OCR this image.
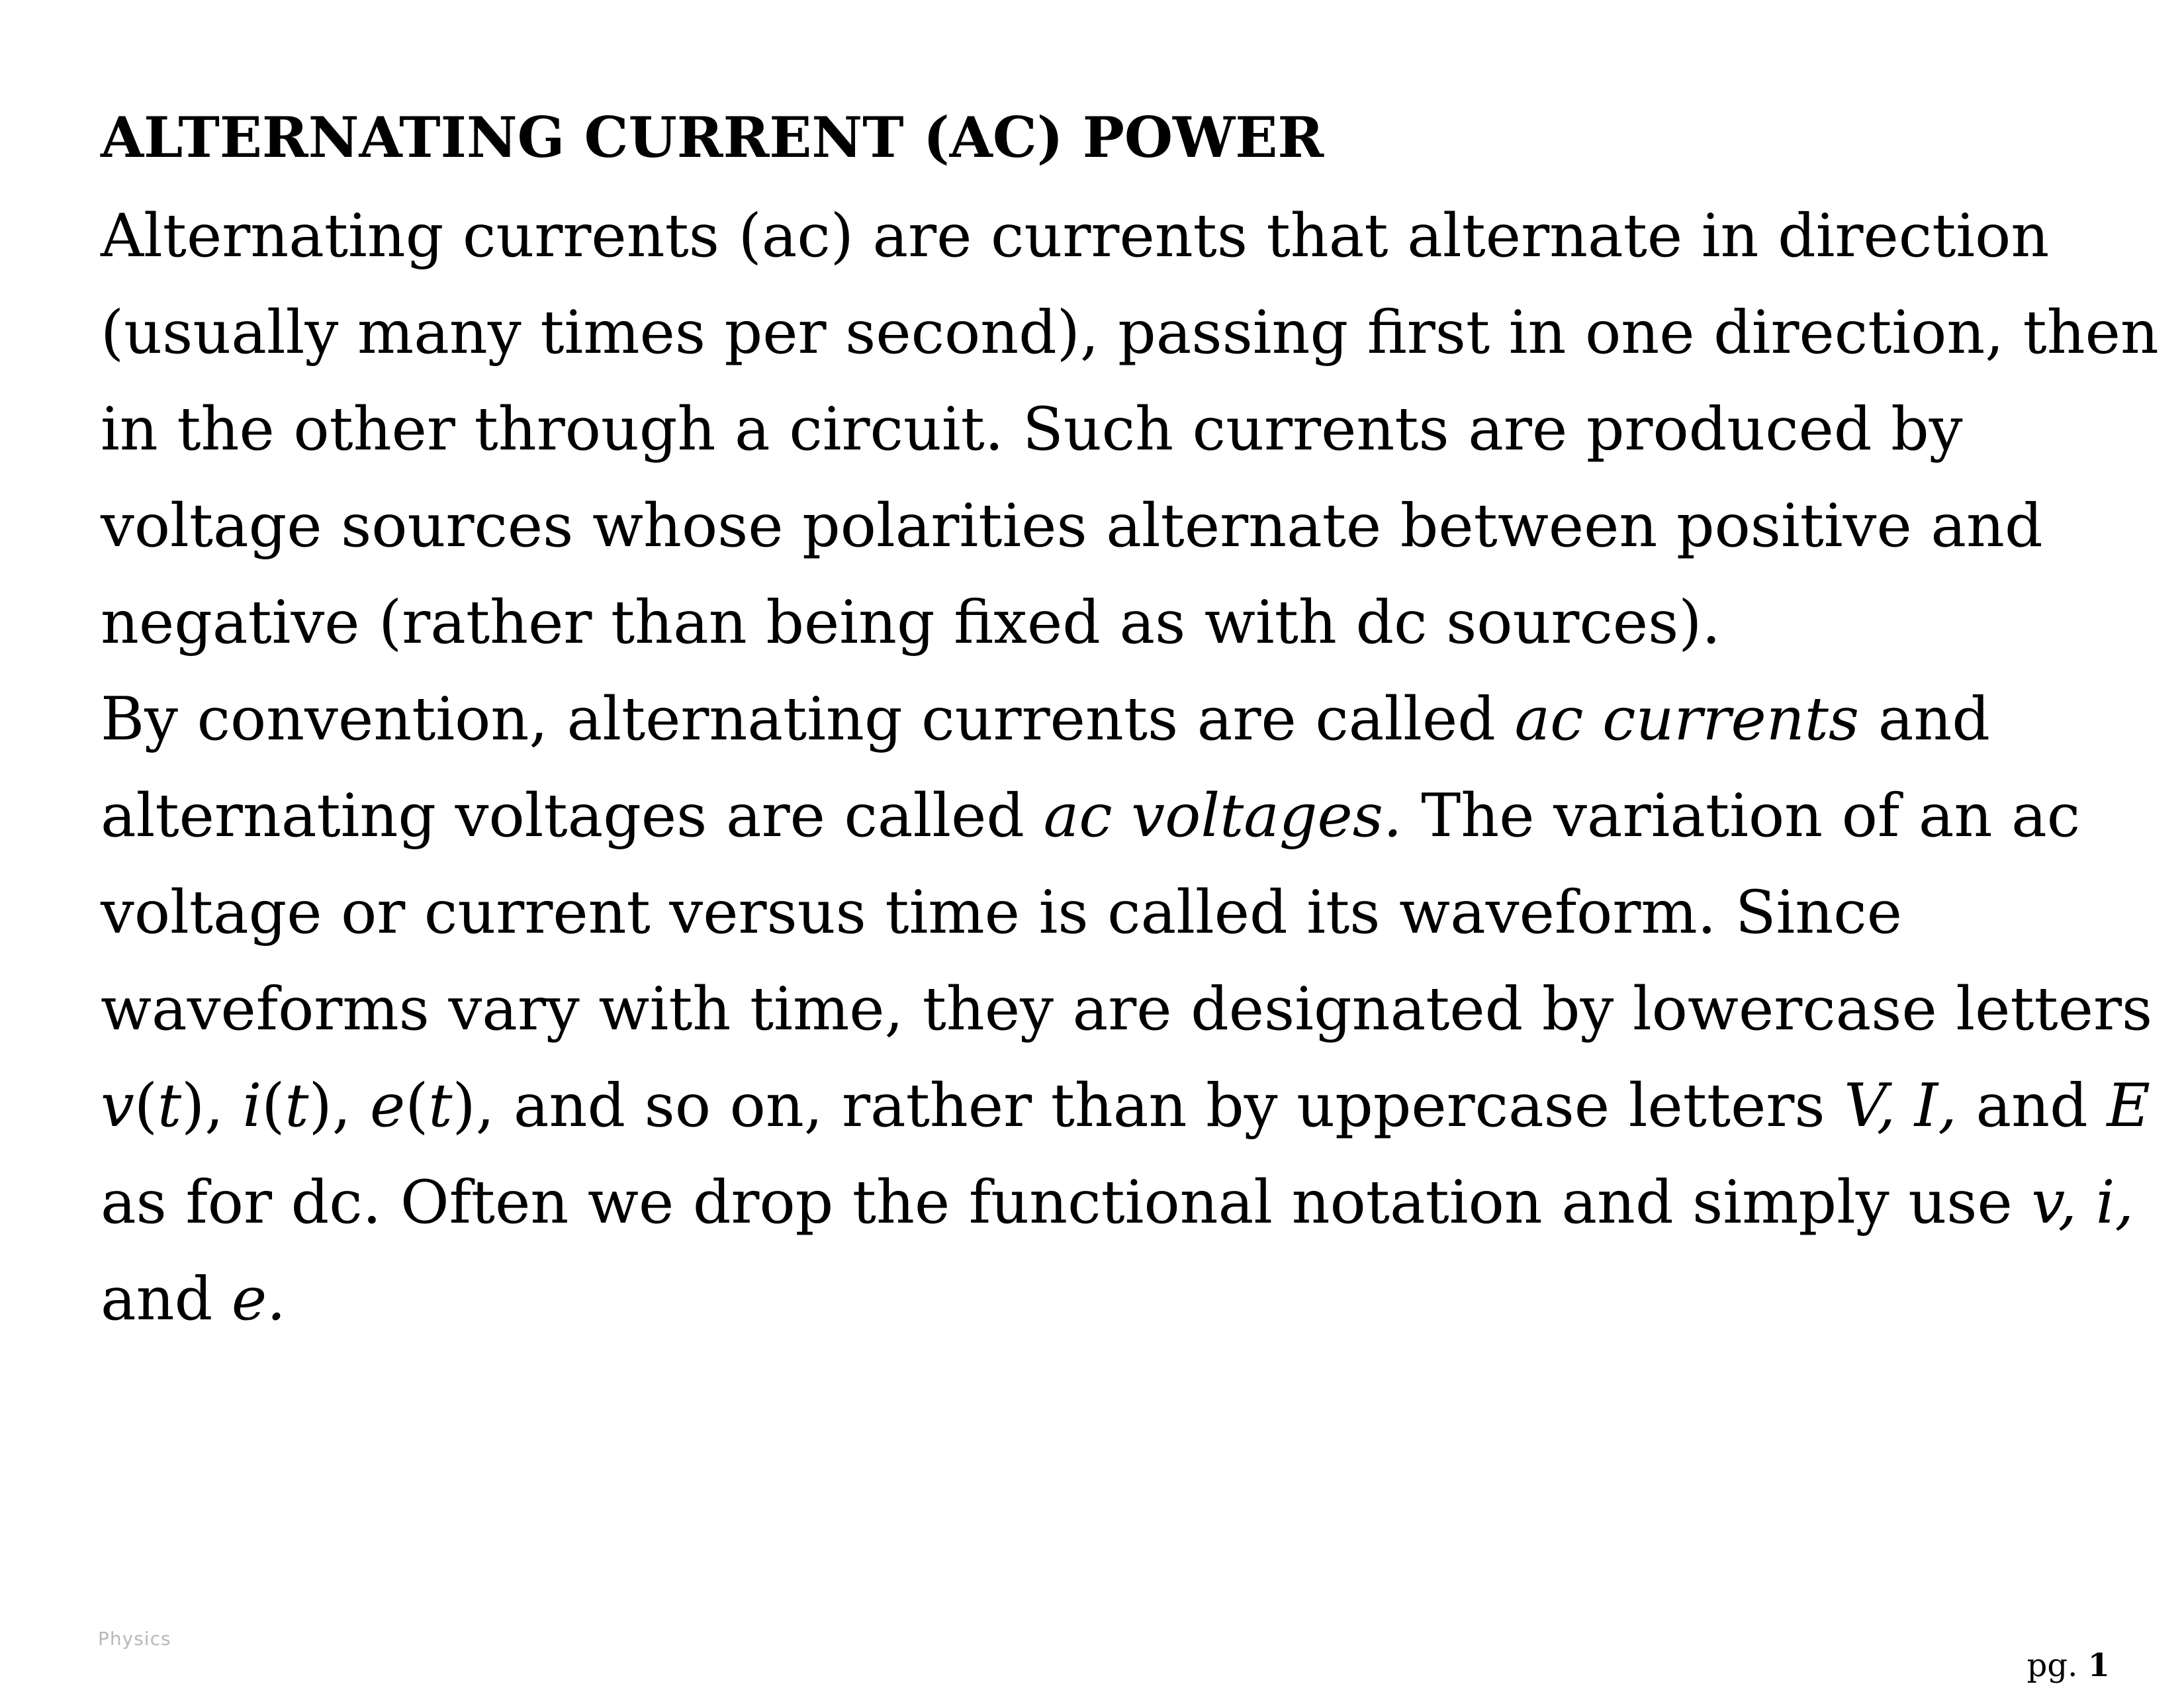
ALTERNATING CURRENT (AC) POWER

Alternating currents (ac) are currents that alternate in direction
(usually many times per second), passing first in one direction, then
in the other through a circuit. Such currents are produced by
voltage sources whose polarities alternate between positive and
negative (rather than being fixed as with dc sources).

By convention, alternating currents are called ac currents and
alternating voltages are called ac voltages. The variation of an ac
voltage or current versus time is called its waveform. Since
waveforms vary with time, they are designated by lowercase letters
v(t), i(t), e(t), and so on, rather than by uppercase letters V, I, and E
as for dc. Often we drop the functional notation and simply use v, i,
and e.

Physics
pg. 1
